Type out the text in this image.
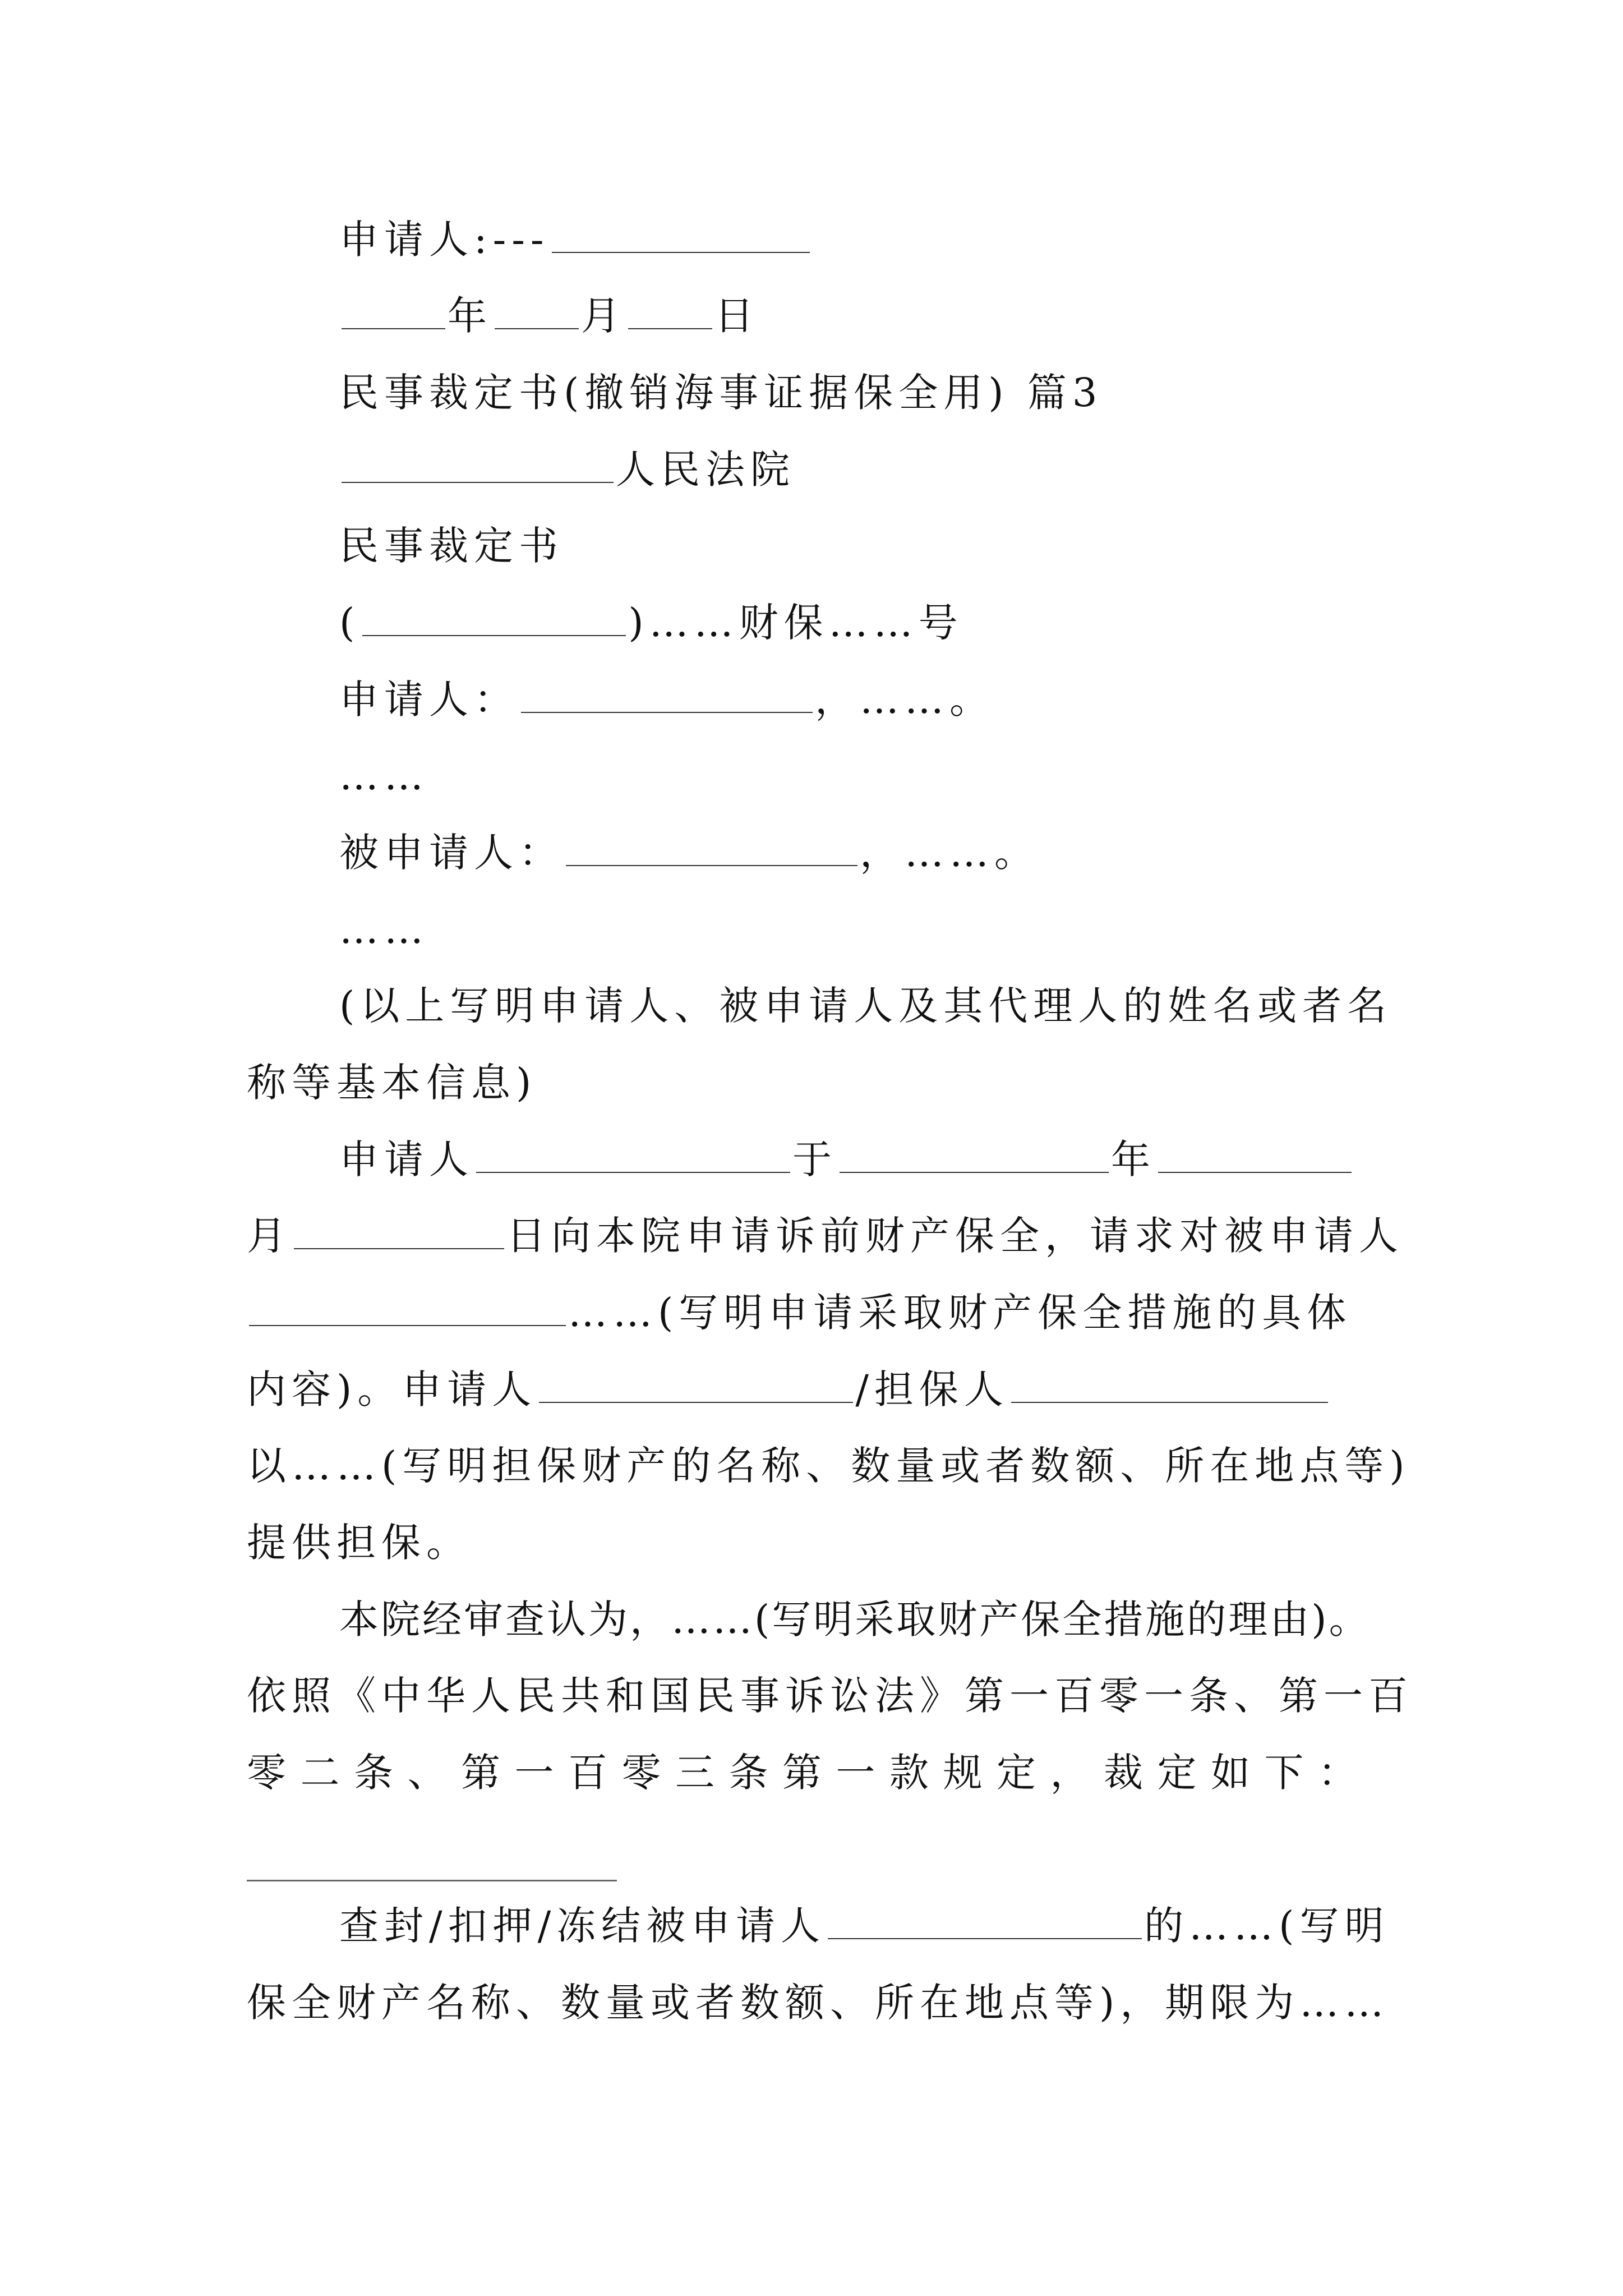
申请人:---
年 月 日
民事裁定书(撤销海事证据保全用) 篇3
人民法院
民事裁定书
(	)……财保……号
申请人：	，……。
……
被申请人：	，……。
……
(以上写明申请人、被申请人及其代理人的姓名或者名
称等基本信息)
申请人	于	年
月	日向本院申请诉前财产保全，请求对被申请人
……(写明申请采取财产保全措施的具体
内容)。申请人	/担保人
以……(写明担保财产的名称、数量或者数额、所在地点等)
提供担保。
本院经审查认为，……(写明采取财产保全措施的理由)。
依照《中华人民共和国民事诉讼法》第一百零一条、第一百
零二条、第一百零三条第一款规定，裁定如下：
查封/扣押/冻结被申请人	的……(写明
保全财产名称、数量或者数额、所在地点等)，期限为……
